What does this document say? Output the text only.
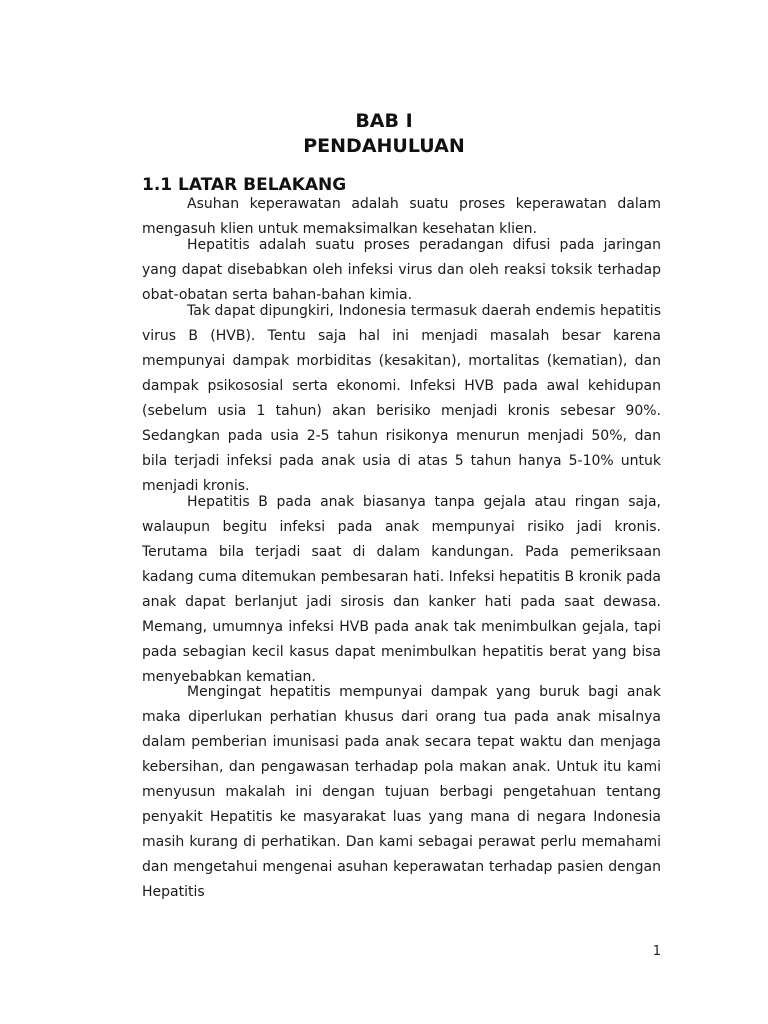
BAB I
PENDAHULUAN
1.1 LATAR BELAKANG

Asuhan keperawatan adalah suatu proses keperawatan dalam mengasuh klien untuk memaksimalkan kesehatan klien.

Hepatitis adalah suatu proses peradangan difusi pada jaringan yang dapat disebabkan oleh infeksi virus dan oleh reaksi toksik terhadap obat-obatan serta bahan-bahan kimia.

Tak dapat dipungkiri, Indonesia termasuk daerah endemis hepatitis virus B (HVB). Tentu saja hal ini menjadi masalah besar karena mempunyai dampak morbiditas (kesakitan), mortalitas (kematian), dan dampak psikososial serta ekonomi. Infeksi HVB pada awal kehidupan (sebelum usia 1 tahun) akan berisiko menjadi kronis sebesar 90%. Sedangkan pada usia 2-5 tahun risikonya menurun menjadi 50%, dan bila terjadi infeksi pada anak usia di atas 5 tahun hanya 5-10% untuk menjadi kronis.

Hepatitis B pada anak biasanya tanpa gejala atau ringan saja, walaupun begitu infeksi pada anak mempunyai risiko jadi kronis. Terutama bila terjadi saat di dalam kandungan. Pada pemeriksaan kadang cuma ditemukan pembesaran hati. Infeksi hepatitis B kronik pada anak dapat berlanjut jadi sirosis dan kanker hati pada saat dewasa. Memang, umumnya infeksi HVB pada anak tak menimbulkan gejala, tapi pada sebagian kecil kasus dapat menimbulkan hepatitis berat yang bisa menyebabkan kematian.

Mengingat hepatitis mempunyai dampak yang buruk bagi anak maka diperlukan perhatian khusus dari orang tua pada anak misalnya dalam pemberian imunisasi pada anak secara tepat waktu dan menjaga kebersihan, dan pengawasan terhadap pola makan anak. Untuk itu kami menyusun makalah ini dengan tujuan berbagi pengetahuan tentang penyakit Hepatitis ke masyarakat luas yang mana di negara Indonesia masih kurang di perhatikan. Dan kami sebagai perawat perlu memahami dan mengetahui mengenai asuhan keperawatan terhadap pasien dengan Hepatitis

1
